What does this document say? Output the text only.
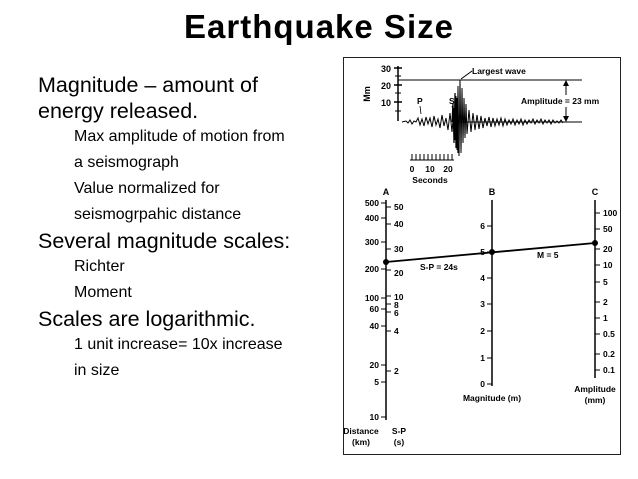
Earthquake Size

Magnitude – amount of

energy released.

Max amplitude of motion from

a seismograph

Value normalized for

seismogrpahic distance

Several magnitude scales:

Richter

Moment

Scales are logarithmic.

1 unit increase= 10x increase

in size

30
20
10
Mm	Amplitude = 23 mm
Largest wave
P	S
0 10 20
Seconds
A	B	C
500
400
300
200
100
60
40
20
5
10
50
40
30
20
10
8
6
4
2
Distance
(km)
S-P
(s)
6
5
4
3
2
1
0
Magnitude (m)
100
50
20
10
5
2
1
0.5
0.2
0.1
Amplitude
(mm)
S-P = 24s
M = 5
